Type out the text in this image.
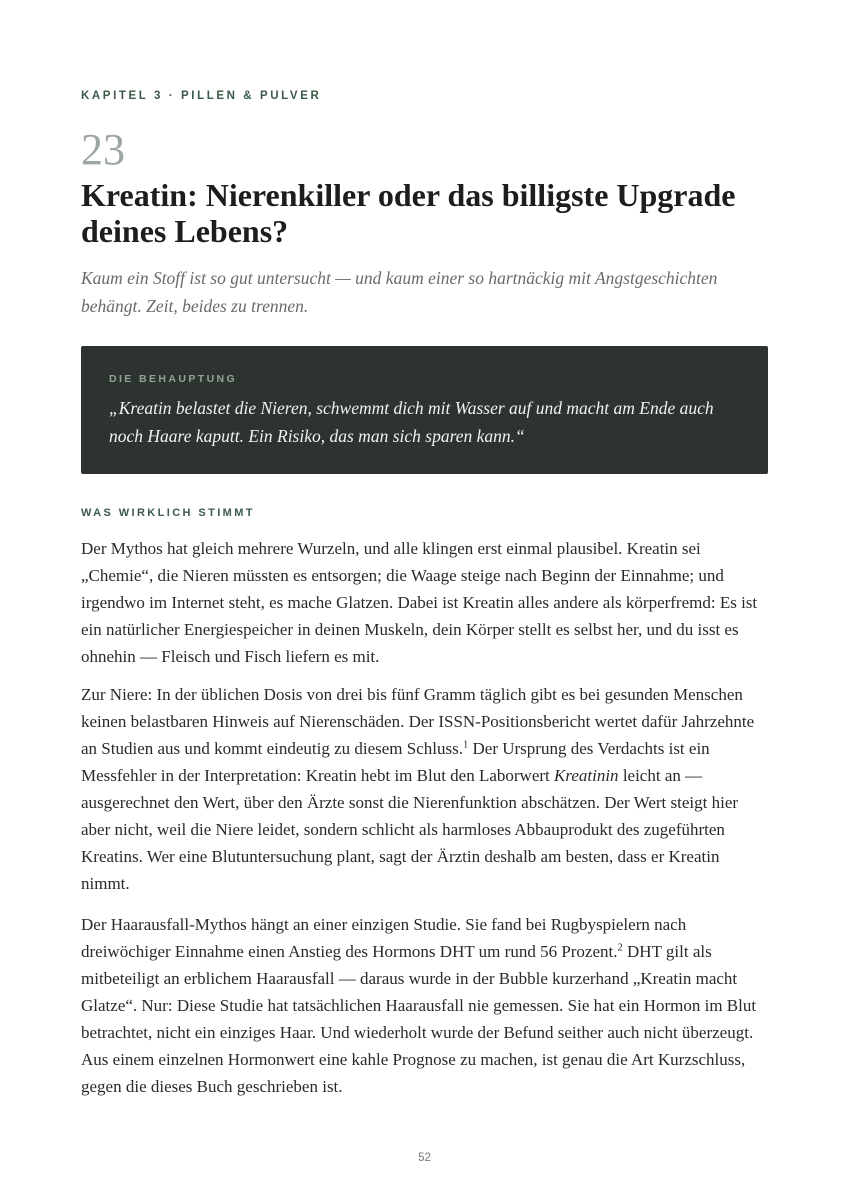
KAPITEL 3 · PILLEN & PULVER
23
Kreatin: Nierenkiller oder das billigste Upgrade deines Lebens?

Kaum ein Stoff ist so gut untersucht — und kaum einer so hartnäckig mit Angstgeschichten behängt. Zeit, beides zu trennen.

DIE BEHAUPTUNG

„Kreatin belastet die Nieren, schwemmt dich mit Wasser auf und macht am Ende auch noch Haare kaputt. Ein Risiko, das man sich sparen kann.“

WAS WIRKLICH STIMMT

Der Mythos hat gleich mehrere Wurzeln, und alle klingen erst einmal plausibel. Kreatin sei „Chemie“, die Nieren müssten es entsorgen; die Waage steige nach Beginn der Einnahme; und irgendwo im Internet steht, es mache Glatzen. Dabei ist Kreatin alles andere als körperfremd: Es ist ein natürlicher Energiespeicher in deinen Muskeln, dein Körper stellt es selbst her, und du isst es ohnehin — Fleisch und Fisch liefern es mit.

Zur Niere: In der üblichen Dosis von drei bis fünf Gramm täglich gibt es bei gesunden Menschen keinen belastbaren Hinweis auf Nierenschäden. Der ISSN-Positionsbericht wertet dafür Jahrzehnte an Studien aus und kommt eindeutig zu diesem Schluss.$^1$ Der Ursprung des Verdachts ist ein Messfehler in der Interpretation: Kreatin hebt im Blut den Laborwert Kreatinin leicht an — ausgerechnet den Wert, über den Ärzte sonst die Nierenfunktion abschätzen. Der Wert steigt hier aber nicht, weil die Niere leidet, sondern schlicht als harmloses Abbauprodukt des zugeführten Kreatins. Wer eine Blutuntersuchung plant, sagt der Ärztin deshalb am besten, dass er Kreatin nimmt.

Der Haarausfall-Mythos hängt an einer einzigen Studie. Sie fand bei Rugbyspielern nach dreiwöchiger Einnahme einen Anstieg des Hormons DHT um rund 56 Prozent.$^2$ DHT gilt als mitbeteiligt an erblichem Haarausfall — daraus wurde in der Bubble kurzerhand „Kreatin macht Glatze“. Nur: Diese Studie hat tatsächlichen Haarausfall nie gemessen. Sie hat ein Hormon im Blut betrachtet, nicht ein einziges Haar. Und wiederholt wurde der Befund seither auch nicht überzeugt. Aus einem einzelnen Hormonwert eine kahle Prognose zu machen, ist genau die Art Kurzschluss, gegen die dieses Buch geschrieben ist.

52
